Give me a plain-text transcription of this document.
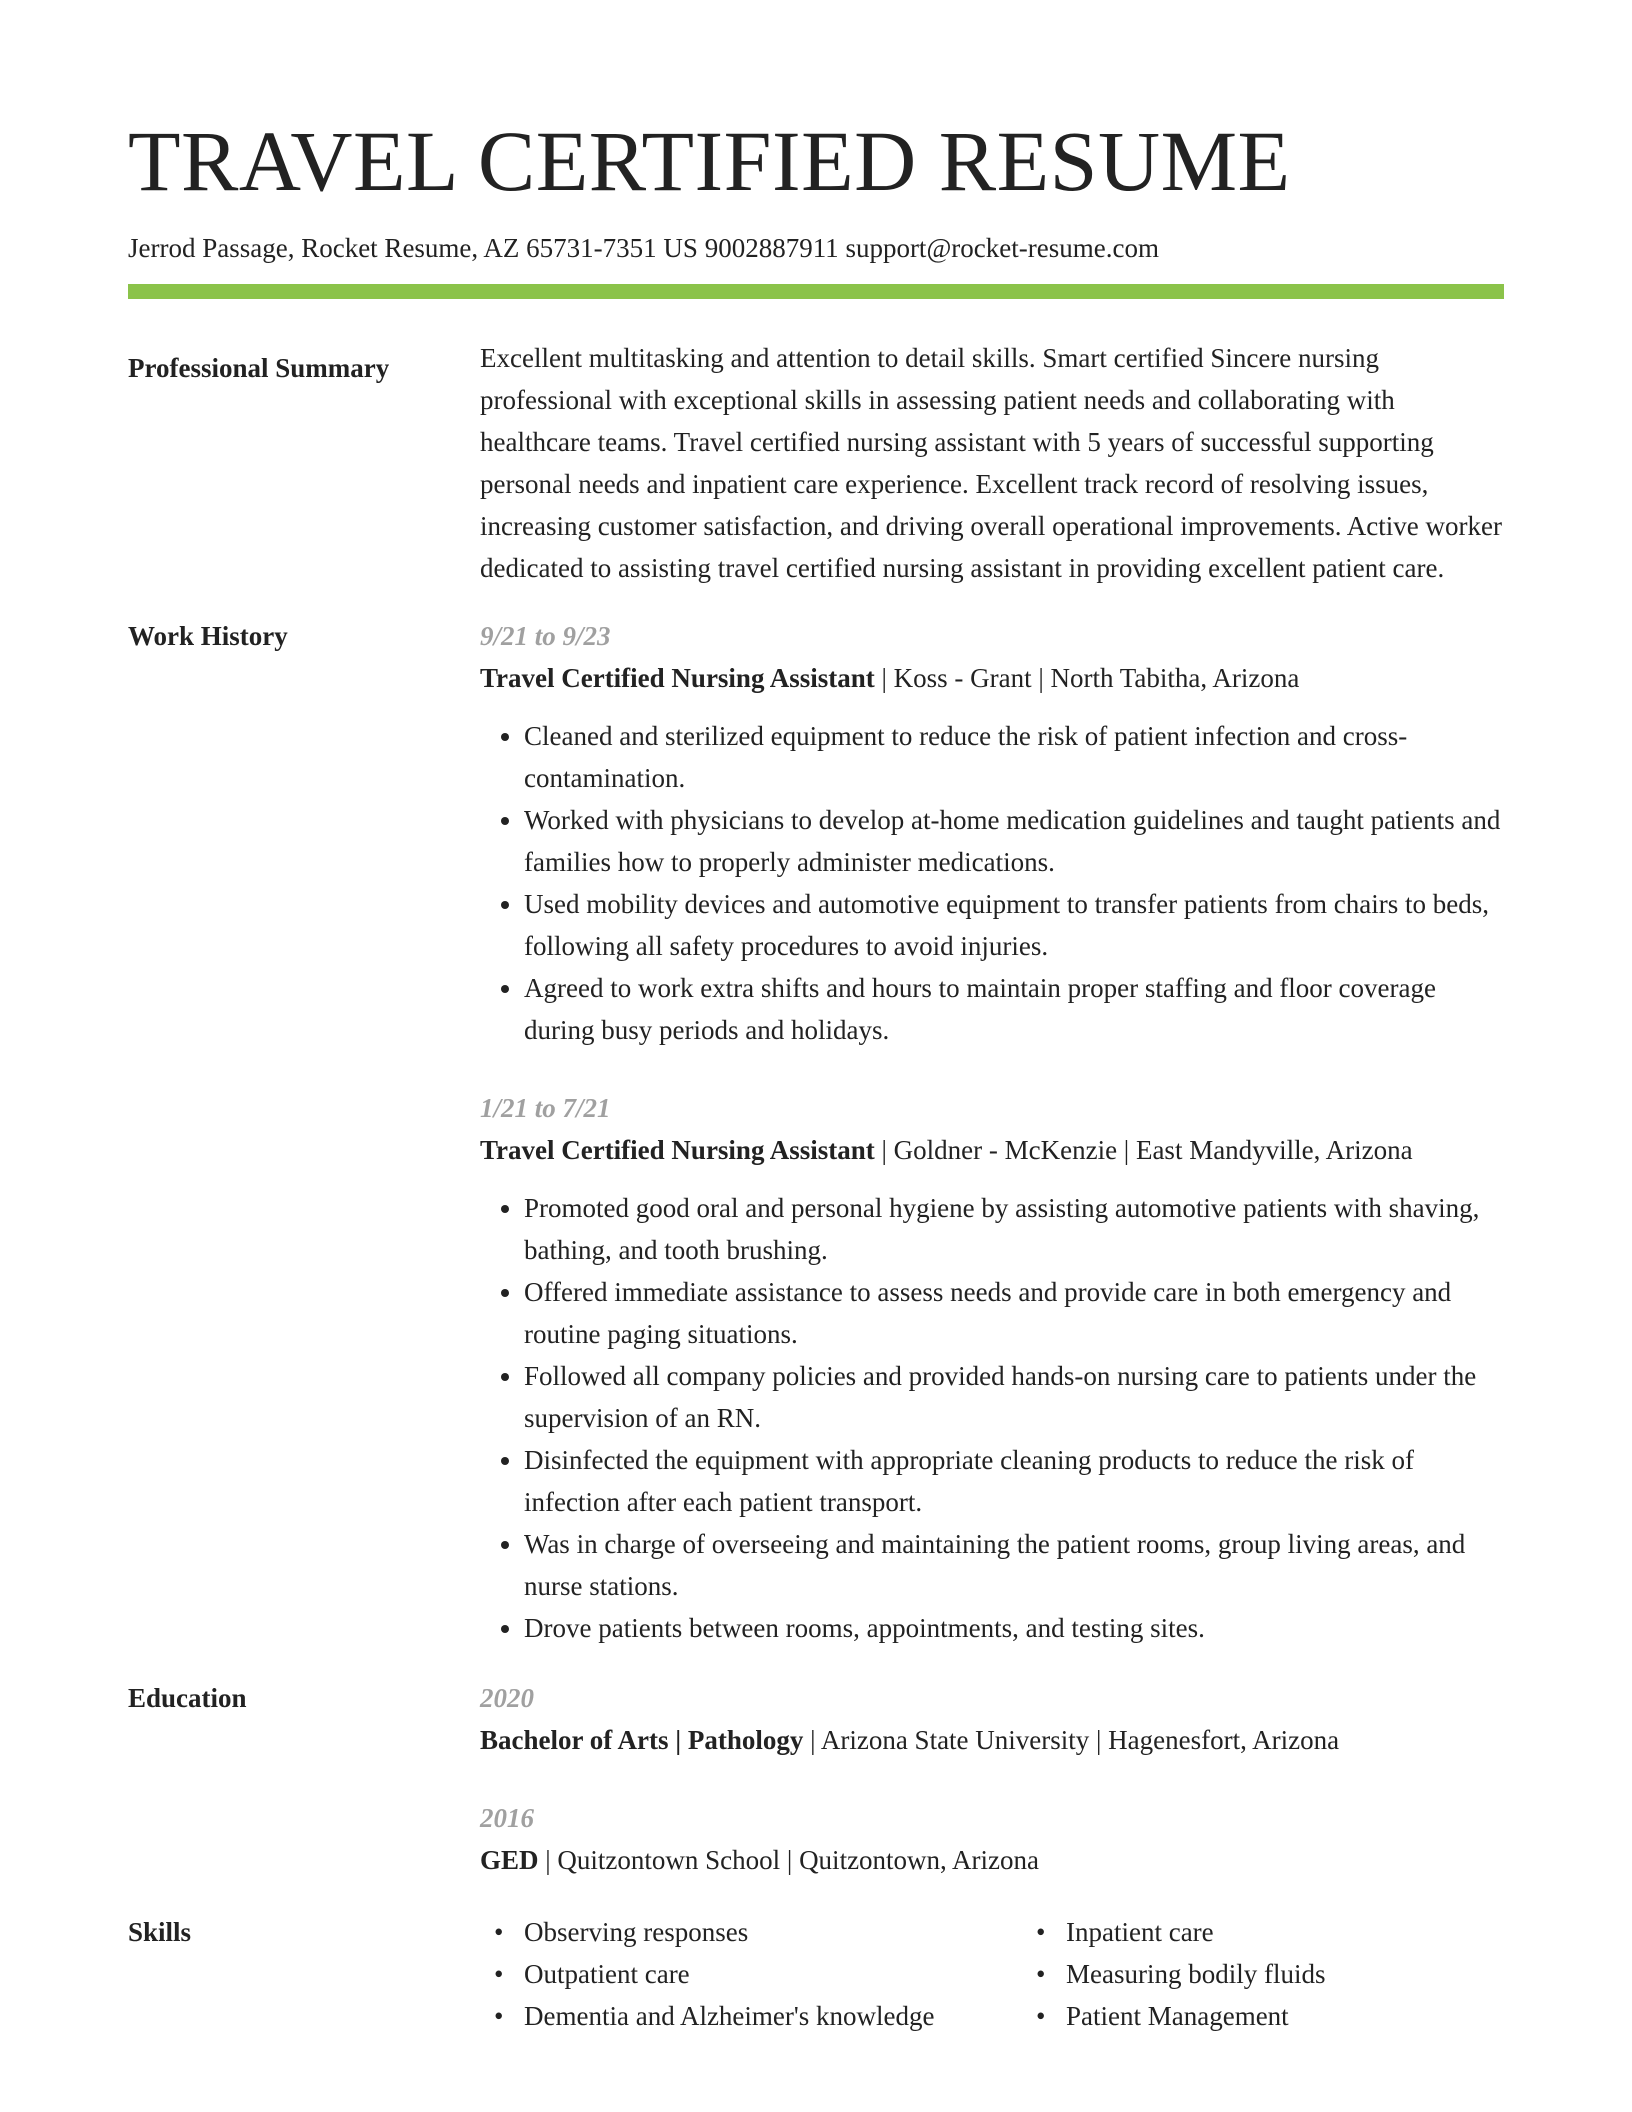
TRAVEL CERTIFIED RESUME
Jerrod Passage, Rocket Resume, AZ 65731-7351 US 9002887911 support@rocket-resume.com
Professional Summary	Excellent multitasking and attention to detail skills. Smart certified Sincere nursing professional with exceptional skills in assessing patient needs and collaborating with healthcare teams. Travel certified nursing assistant with 5 years of successful supporting personal needs and inpatient care experience. Excellent track record of resolving issues, increasing customer satisfaction, and driving overall operational improvements. Active worker dedicated to assisting travel certified nursing assistant in providing excellent patient care.

Work History	9/21 to 9/23
Travel Certified Nursing Assistant | Koss - Grant | North Tabitha, Arizona
• Cleaned and sterilized equipment to reduce the risk of patient infection and cross-contamination.
• Worked with physicians to develop at-home medication guidelines and taught patients and families how to properly administer medications.
• Used mobility devices and automotive equipment to transfer patients from chairs to beds, following all safety procedures to avoid injuries.
• Agreed to work extra shifts and hours to maintain proper staffing and floor coverage during busy periods and holidays.
1/21 to 7/21
Travel Certified Nursing Assistant | Goldner - McKenzie | East Mandyville, Arizona
• Promoted good oral and personal hygiene by assisting automotive patients with shaving, bathing, and tooth brushing.
• Offered immediate assistance to assess needs and provide care in both emergency and routine paging situations.
• Followed all company policies and provided hands-on nursing care to patients under the supervision of an RN.
• Disinfected the equipment with appropriate cleaning products to reduce the risk of infection after each patient transport.
• Was in charge of overseeing and maintaining the patient rooms, group living areas, and nurse stations.
• Drove patients between rooms, appointments, and testing sites.
Education	2020
Bachelor of Arts | Pathology | Arizona State University | Hagenesfort, Arizona
2016
GED | Quitzontown School | Quitzontown, Arizona
Skills	• Observing responses	• Inpatient care
• Outpatient care	• Measuring bodily fluids
• Dementia and Alzheimer's knowledge	• Patient Management
